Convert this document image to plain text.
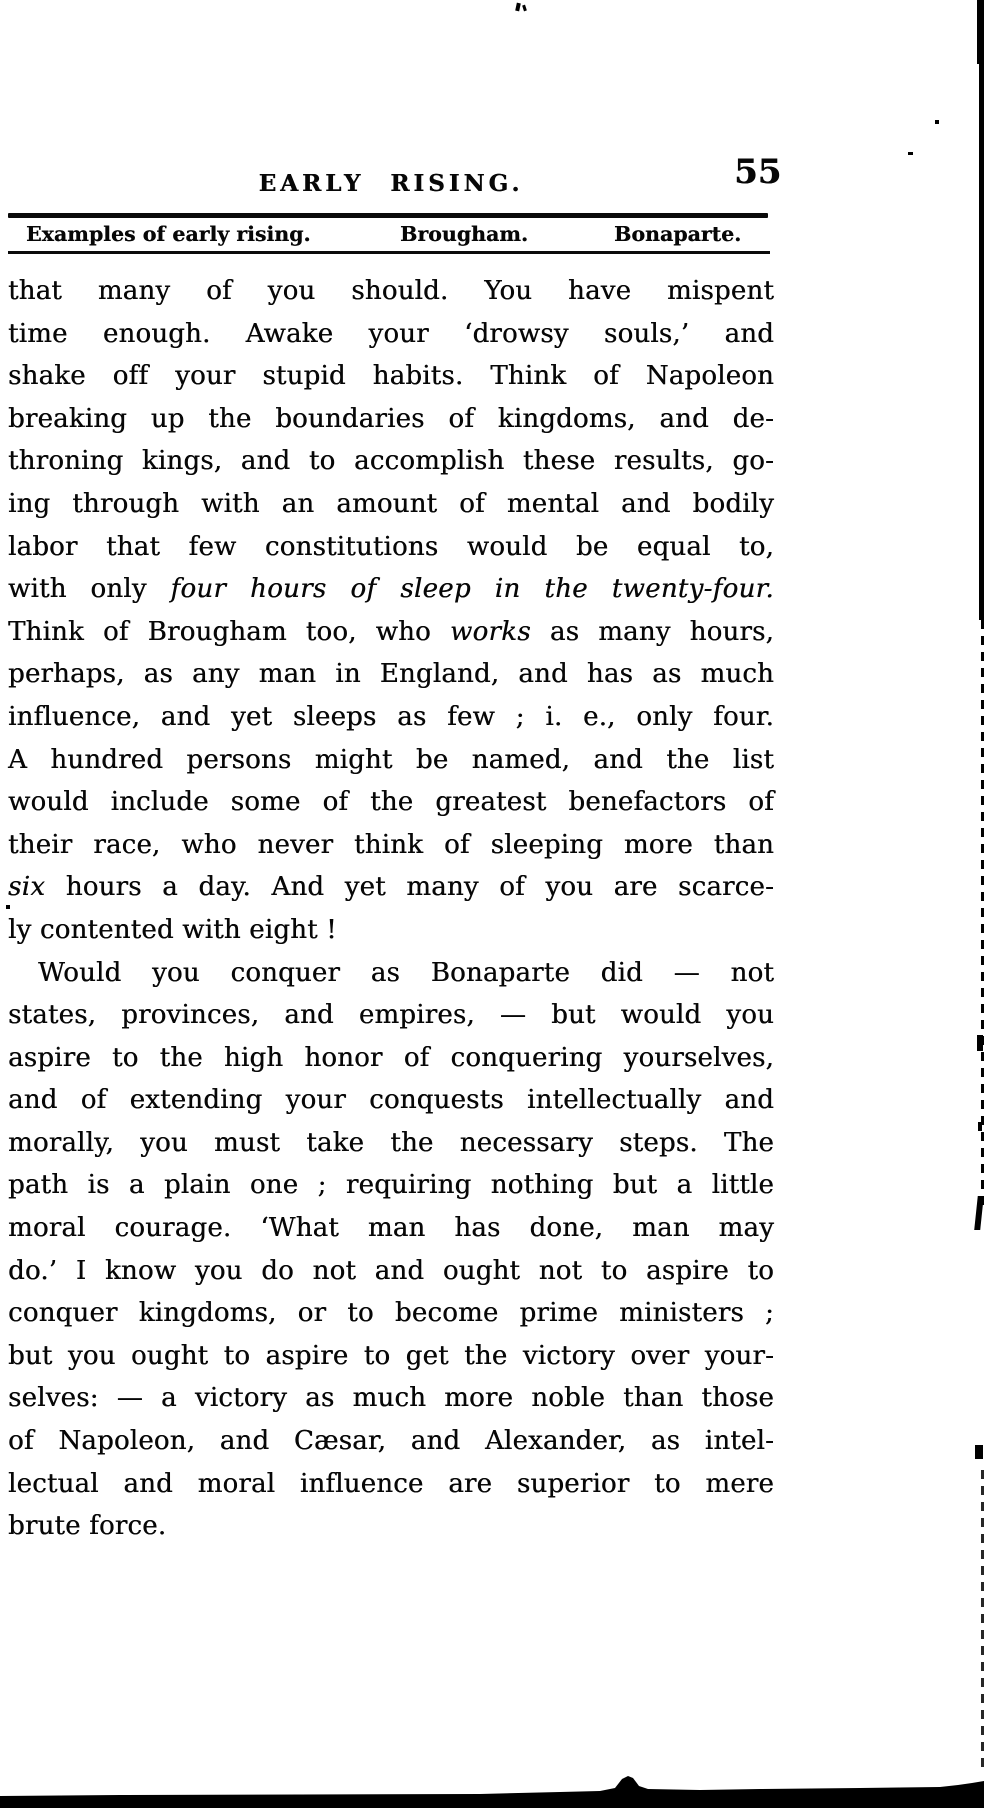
EARLY RISING.	55
Examples of early rising.	Brougham.	Bonaparte.
that many of you should. You have mispent
time enough. Awake your ‘drowsy souls,’ and
shake off your stupid habits. Think of Napoleon
breaking up the boundaries of kingdoms, and de-
throning kings, and to accomplish these results, go-
ing through with an amount of mental and bodily
labor that few constitutions would be equal to,
with only four hours of sleep in the twenty-four.
Think of Brougham too, who works as many hours,
perhaps, as any man in England, and has as much
influence, and yet sleeps as few ; i. e., only four.
A hundred persons might be named, and the list
would include some of the greatest benefactors of
their race, who never think of sleeping more than
six hours a day. And yet many of you are scarce-
ly contented with eight !
Would you conquer as Bonaparte did — not
states, provinces, and empires, — but would you
aspire to the high honor of conquering yourselves,
and of extending your conquests intellectually and
morally, you must take the necessary steps. The
path is a plain one ; requiring nothing but a little
moral courage. ‘What man has done, man may
do.’ I know you do not and ought not to aspire to
conquer kingdoms, or to become prime ministers ;
but you ought to aspire to get the victory over your-
selves: — a victory as much more noble than those
of Napoleon, and Cæsar, and Alexander, as intel-
lectual and moral influence are superior to mere
brute force.
